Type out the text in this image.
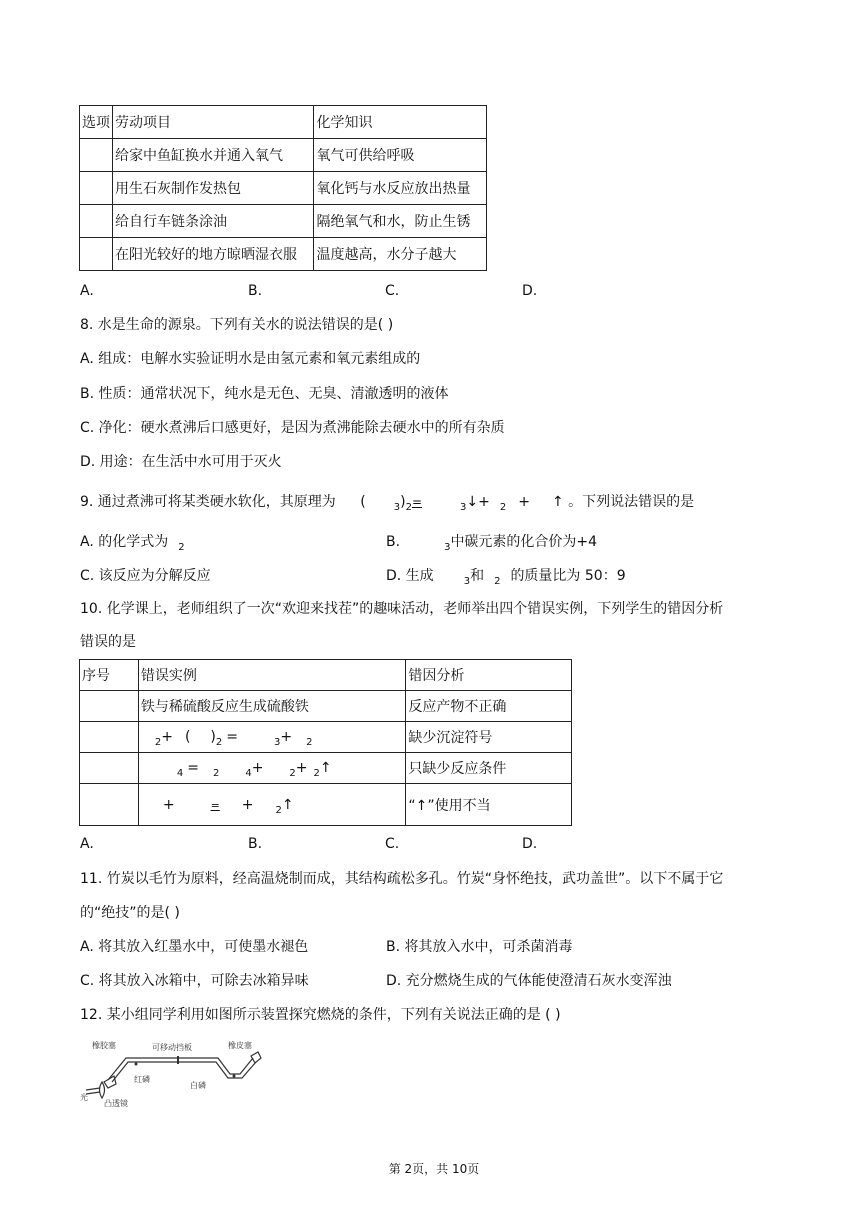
选项	劳动项目	化学知识
	给家中鱼缸换水并通入氧气	氧气可供给呼吸
	用生石灰制作发热包	氧化钙与水反应放出热量
	给自行车链条涂油	隔绝氧气和水，防止生锈
	在阳光较好的地方晾晒湿衣服	温度越高，水分子越大
A.	B.	C.	D.
8. 水是生命的源泉。下列有关水的说法错误的是( )
A. 组成：电解水实验证明水是由氢元素和氧元素组成的
B. 性质：通常状况下，纯水是无色、无臭、清澈透明的液体
C. 净化：硬水煮沸后口感更好，是因为煮沸能除去硬水中的所有杂质
D. 用途：在生活中水可用于灭火
9. 通过煮沸可将某类硬水软化，其原理为 (	$_3)_2=$	$_3$↓+ $_2$ + ↑ 。下列说法错误的是
A. 的化学式为 $_2$	B.	$_3$中碳元素的化合价为+4
C. 该反应为分解反应	D. 生成	$_3$和 $_2$ 的质量比为 50：9
10. 化学课上，老师组织了一次“欢迎来找茬”的趣味活动，老师举出四个错误实例，下列学生的错因分析
错误的是
序号	错误实例	错因分析
	铁与稀硫酸反应生成硫酸铁	反应产物不正确
	$_2$+ ( )$_2 = _3+ _2$	缺少沉淀符号
	$_4$ = $_2$ $_4$+ $_2$+ $_2$↑	只缺少反应条件
	+ = + $_2$↑	“↑”使用不当
A.	B.	C.	D.
11. 竹炭以毛竹为原料，经高温烧制而成，其结构疏松多孔。竹炭“身怀绝技，武功盖世”。以下不属于它
的“绝技”的是( )
A. 将其放入红墨水中，可使墨水褪色	B. 将其放入水中，可杀菌消毒
C. 将其放入冰箱中，可除去冰箱异味	D. 充分燃烧生成的气体能使澄清石灰水变浑浊
12. 某小组同学利用如图所示装置探究燃烧的条件，下列有关说法正确的是 ( )
橡胶塞	可移动挡板	橡皮塞
红磷
白磷
光
凸透镜
第 2页，共 10页
